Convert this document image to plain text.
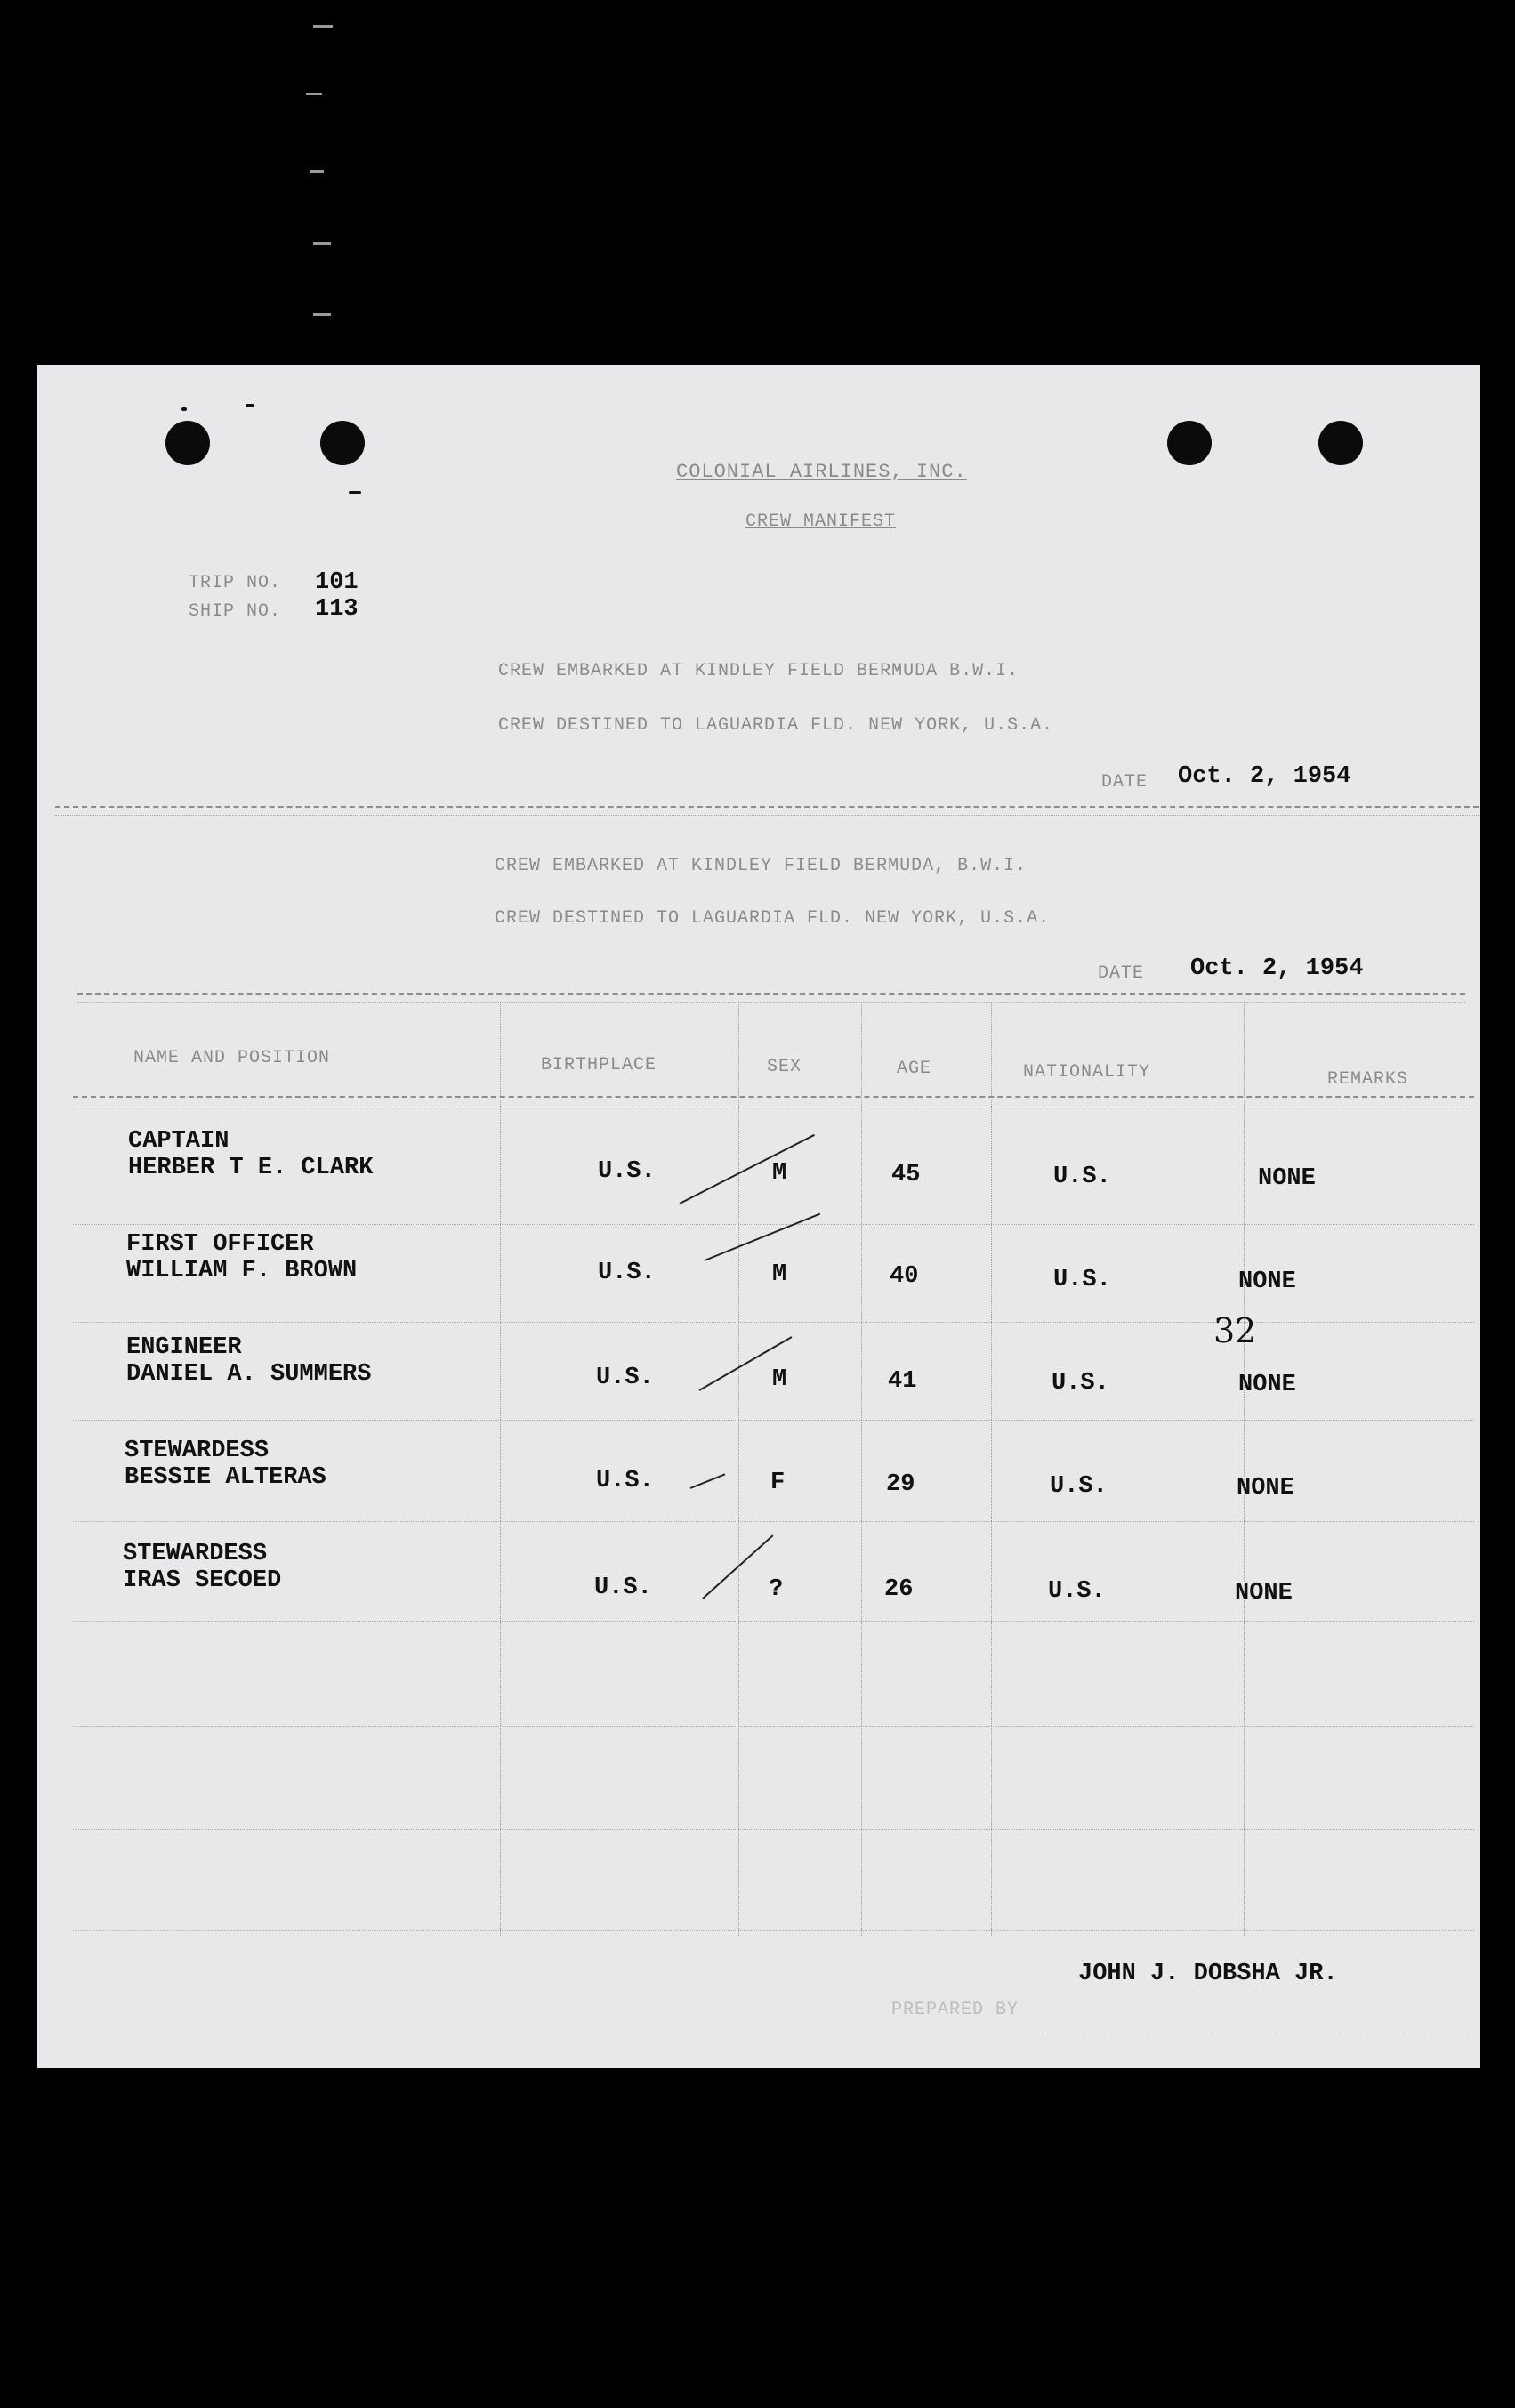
COLONIAL AIRLINES, INC.
CREW MANIFEST
TRIP NO. 101
SHIP NO. 113
CREW EMBARKED AT KINDLEY FIELD BERMUDA B.W.I.
CREW DESTINED TO LAGUARDIA FLD. NEW YORK, U.S.A.
DATE Oct. 2, 1954
CREW EMBARKED AT KINDLEY FIELD BERMUDA, B.W.I.
CREW DESTINED TO LAGUARDIA FLD. NEW YORK, U.S.A.
DATE Oct. 2, 1954
NAME AND POSITION	BIRTHPLACE	SEX	AGE	NATIONALITY	REMARKS
CAPTAIN
HERBER T E. CLARK	U.S.	M	45	U.S.	NONE
FIRST OFFICER
WILLIAM F. BROWN	U.S.	M	40	U.S.	NONE
ENGINEER
DANIEL A. SUMMERS	U.S.	M	41	U.S.	NONE
STEWARDESS
BESSIE ALTERAS	U.S.	F	29	U.S.	NONE
STEWARDESS
IRAS SECOED	U.S.	?	26	U.S.	NONE
32
JOHN J. DOBSHA JR.
PREPARED BY
